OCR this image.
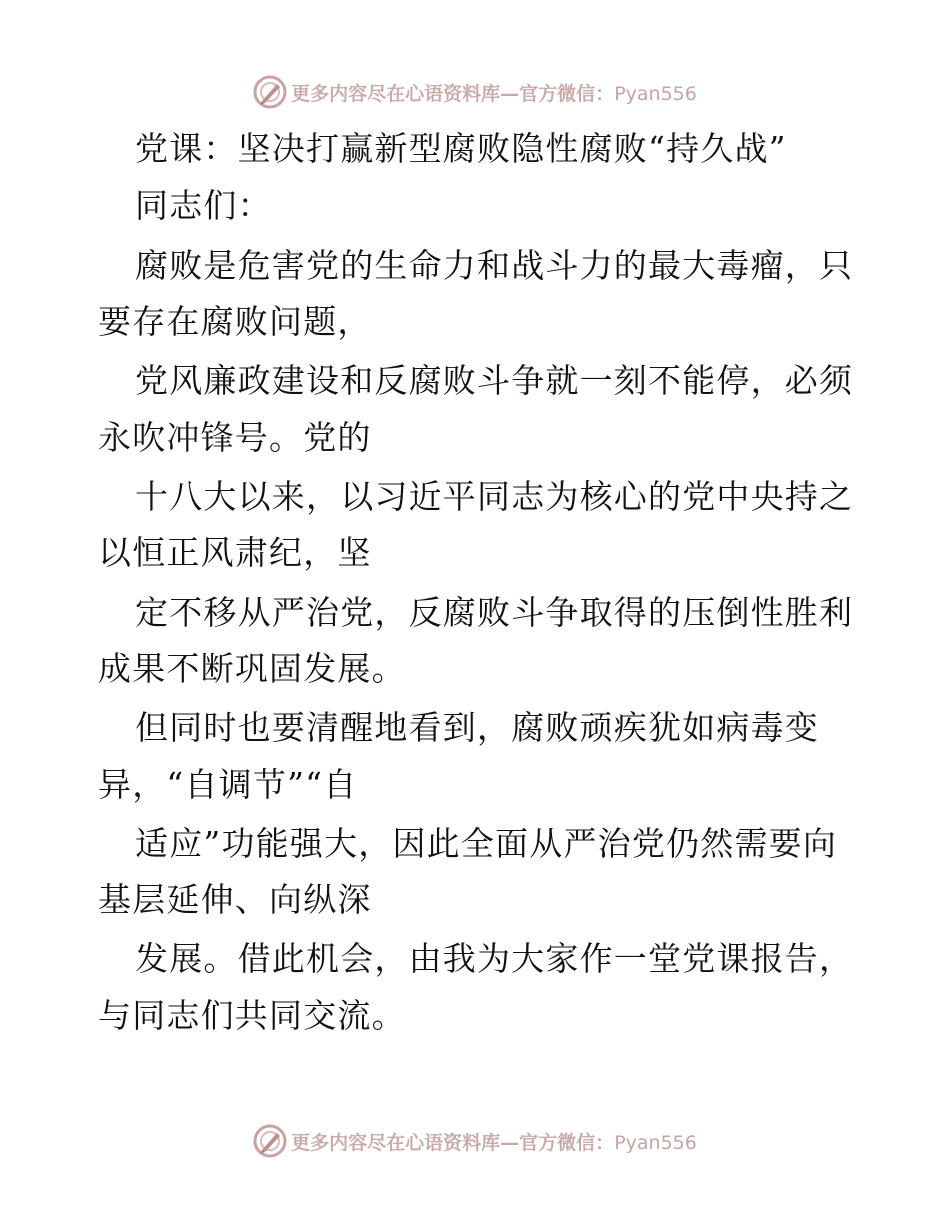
更多内容尽在心语资料库—官方微信：Pyan556
党课：坚决打赢新型腐败隐性腐败“持久战”
同志们：
腐败是危害党的生命力和战斗力的最大毒瘤，只
要存在腐败问题，
党风廉政建设和反腐败斗争就一刻不能停，必须
永吹冲锋号。党的
十八大以来，以习近平同志为核心的党中央持之
以恒正风肃纪，坚
定不移从严治党，反腐败斗争取得的压倒性胜利
成果不断巩固发展。
但同时也要清醒地看到，腐败顽疾犹如病毒变
异，“自调节”“自
适应”功能强大，因此全面从严治党仍然需要向
基层延伸、向纵深
发展。借此机会，由我为大家作一堂党课报告，
与同志们共同交流。
更多内容尽在心语资料库—官方微信：Pyan556
